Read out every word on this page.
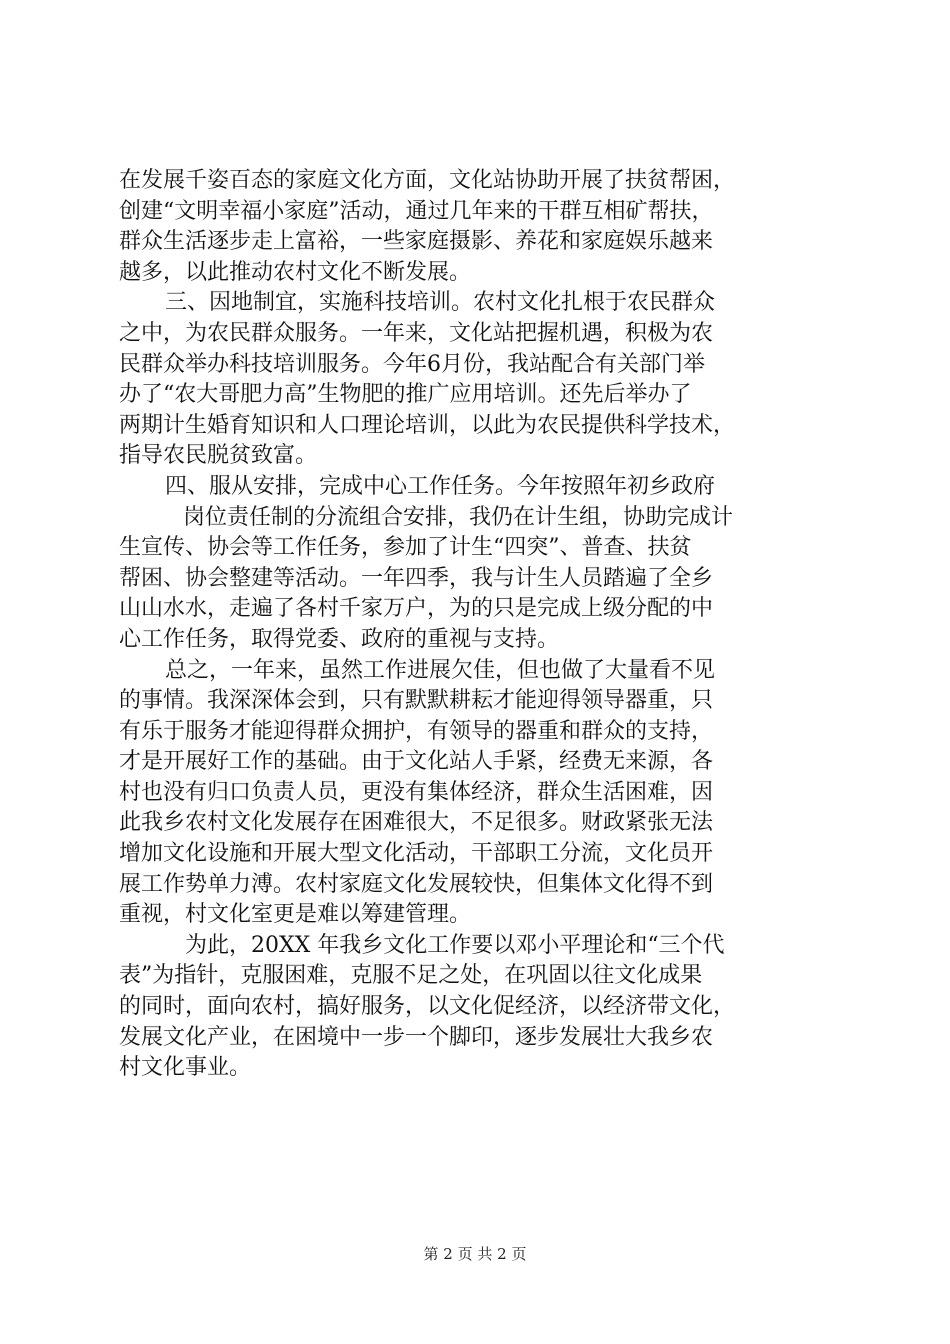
在发展千姿百态的家庭文化方面，文化站协助开展了扶贫帮困，
创建“文明幸福小家庭”活动，通过几年来的干群互相矿帮扶，
群众生活逐步走上富裕，一些家庭摄影、养花和家庭娱乐越来
越多，以此推动农村文化不断发展。
三、因地制宜，实施科技培训。农村文化扎根于农民群众
之中，为农民群众服务。一年来，文化站把握机遇，积极为农
民群众举办科技培训服务。今年6月份，我站配合有关部门举
办了“农大哥肥力高”生物肥的推广应用培训。还先后举办了
两期计生婚育知识和人口理论培训，以此为农民提供科学技术，
指导农民脱贫致富。
四、服从安排，完成中心工作任务。今年按照年初乡政府
岗位责任制的分流组合安排，我仍在计生组，协助完成计
生宣传、协会等工作任务，参加了计生“四突”、普查、扶贫
帮困、协会整建等活动。一年四季，我与计生人员踏遍了全乡
山山水水，走遍了各村千家万户，为的只是完成上级分配的中
心工作任务，取得党委、政府的重视与支持。
总之，一年来，虽然工作进展欠佳，但也做了大量看不见
的事情。我深深体会到，只有默默耕耘才能迎得领导器重，只
有乐于服务才能迎得群众拥护，有领导的器重和群众的支持，
才是开展好工作的基础。由于文化站人手紧，经费无来源，各
村也没有归口负责人员，更没有集体经济，群众生活困难，因
此我乡农村文化发展存在困难很大，不足很多。财政紧张无法
增加文化设施和开展大型文化活动，干部职工分流，文化员开
展工作势单力溥。农村家庭文化发展较快，但集体文化得不到
重视，村文化室更是难以筹建管理。
为此，20XX 年我乡文化工作要以邓小平理论和“三个代
表”为指针，克服困难，克服不足之处，在巩固以往文化成果
的同时，面向农村，搞好服务，以文化促经济，以经济带文化，
发展文化产业，在困境中一步一个脚印，逐步发展壮大我乡农
村文化事业。
第 2 页 共 2 页
